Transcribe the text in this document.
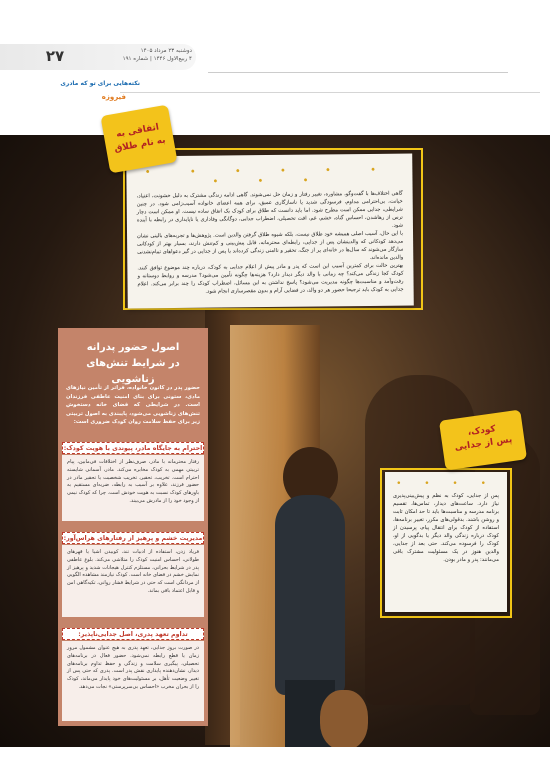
۲۷	دوشنبه ۲۳ مرداد ۱۴۰۵
۴ ربیع‌الاول ۱۴۴۶ | شماره ۱۹۱
نکته‌هایی برای تو که مادری
فیروزه
• • • • • • • • •

گاهی اختلاف‌ها با گفت‌وگو، مشاوره، تغییر رفتار و زمان حل نمی‌شوند. گاهی ادامه زندگی مشترک به دلیل خشونت، اعتیاد، خیانت، بی‌احترامی مداوم، فرسودگی شدید یا ناسازگاری عمیق، برای همه اعضای خانواده آسیب‌زامی شود. در چنین شرایطی، جدایی ممکن است مطرح شود. اما باید دانست که طلاق برای کودک یک اتفاق ساده نیست. او ممکن است دچار ترس از رهاشدن، احساس گناه، خشم، غم، افت تحصیلی، اضطراب جدایی، دوگانگی وفاداری یا ناپایداری در رابطه با آینده شود.

با این حال، آسیب اصلی همیشه خود طلاق نیست، بلکه شیوه طلاق گرفتن والدین است. پژوهش‌ها و تجربه‌های بالینی نشان می‌دهد کودکانی که والدینشان پس از جدایی، رابطه‌ای محترمانه، قابل پیش‌بینی و کم‌تنش دارند، بسیار بهتر از کودکانی سازگار می‌شوند که سال‌ها در خانه‌ای پر از جنگ، تحقیر و ناامنی زندگی کرده‌اند یا پس از جدایی در گیر دعواهای تمام‌نشدنی والدین مانده‌اند.

بهترین حالت برای کمترین آسیب این است که پدر و مادر پیش از اعلام جدایی به کودک، درباره چند موضوع توافق کنند. کودک کجا زندگی می‌کند؟ چه زمانی با والد دیگر دیدار دارد؟ هزینه‌ها چگونه تأمین می‌شود؟ مدرسه و روابط دوستانه و رفت‌وآمد و مناسبت‌ها چگونه مدیریت می‌شود؟ پاسخ نداشتن به این مسائل، اضطراب کودک را چند برابر می‌کند. اعلام جدایی به کودک باید ترجیحا حضور هر دو والد، در فضایی آرام و بدون مقصرسازی انجام شود.

اتفاقی به
به نام طلاق
• • • •
پس از جدایی، کودک به نظم و پیش‌بینی‌پذیری نیاز دارد. ساعت‌های دیدار، تماس‌ها، تقسیم برنامه مدرسه و مناسبت‌ها باید تا حد امکان ثابت و روشن باشند. بدقولی‌های مکرر، تغییر برنامه‌ها، استفاده از کودک برای انتقال پیام، پرسیدن از کودک درباره زندگی والد دیگر یا بدگویی از او، کودک را فرسوده می‌کند. حتی بعد از جدایی، والدین هنوز در یک مسئولیت مشترک باقی می‌مانند: پدر و مادر بودن.
کودک،
پس از جدایی
اصول حضور پدرانه
در شرایط تنش‌های زناشویی
حضور پدر در کانون خانواده، فراتر از تأمین نیازهای مادی، ستونی برای بنای امنیت عاطفی فرزندان است. در شرایطی که فضای خانه دستخوش تنش‌های زناشویی می‌شود، پایبندی به اصول تربیتی زیر برای حفظ سلامت روان کودک ضروری است:
احترام به جایگاه مادر، پیوندی با هویت کودک:
رفتار محترمانه با مادر، صرف‌نظر از اختلافات فی‌مابین، پیام تربیتی مهمی به کودک مخابره می‌کند. مادر، آسمانی شایسته احترام است. تخریب، تحقیر، تخریب شخصیت یا تحقیر مادر در حضور فرزند، علاوه بر آسیب به رابطه، ضربه‌ای مستقیم به باورهای کودک نسبت به هویت خودش است. چرا که کودک نیمی از وجود خود را از مادرش می‌بیند.
مدیریت خشم و پرهیز از رفتارهای هراس‌آور:
فریاد زدن، استفاده از ادبیات تند، کوبیدن اشیا یا قهرهای طولانی، احساس امنیت کودک را متلاشی می‌کند. بلوغ عاطفی پدر در شرایط بحرانی، مستلزم کنترل هیجانات شدید و پرهیز از نمایش خشم در فضای خانه است. کودک نیازمند مشاهده الگویی از مردانگی است که حتی در شرایط فشار روانی، تکیه‌گاهی امن و قابل اعتماد باقی بماند.
تداوم تعهد پدری، اصل جدایی‌ناپذیر:
در صورت بروز جدایی، تعهد پدری به هیچ عنوان مشمول مرور زمان یا قطع رابطه نمی‌شود. حضور فعال در برنامه‌های تحصیلی، پیگیری سلامت و زندگی و حفظ تداوم برنامه‌های دیدار، نشان‌دهنده پایداری نقش پدر است. پدری که حتی پس از تغییر وضعیت تأهل، بر مسئولیت‌های خود پایدار می‌ماند، کودک را از بحران مخرب «احساس بی‌سرپرستی» نجات می‌دهد.
